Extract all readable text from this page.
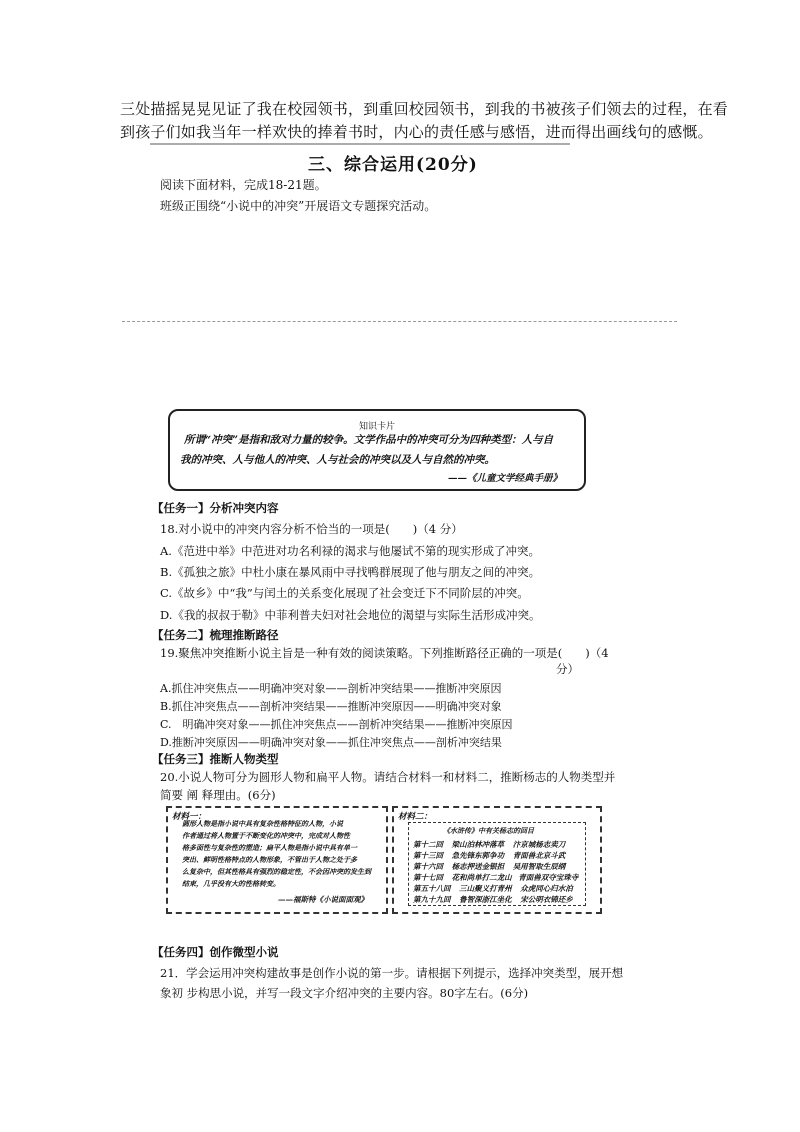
三处描摇晃晃见证了我在校园领书，到重回校园领书，到我的书被孩子们领去的过程，在看
到孩子们如我当年一样欢快的捧着书时，内心的责任感与感悟，进而得出画线句的感慨。
三、综合运用(20分)
阅读下面材料，完成18-21题。
班级正围绕“小说中的冲突”开展语文专题探究活动。
知识卡片
所谓“冲突”是指和敌对力量的较争。文学作品中的冲突可分为四种类型：人与自
我的冲突、人与他人的冲突、人与社会的冲突以及人与自然的冲突。
——《儿童文学经典手册》
【任务一】分析冲突内容
18.对小说中的冲突内容分析不恰当的一项是(　　)（4 分）
A.《范进中举》中范进对功名利禄的渴求与他屡试不第的现实形成了冲突。
B.《孤独之旅》中杜小康在暴风雨中寻找鸭群展现了他与朋友之间的冲突。
C.《故乡》中“我”与闰土的关系变化展现了社会变迁下不同阶层的冲突。
D.《我的叔叔于勒》中菲利普夫妇对社会地位的渴望与实际生活形成冲突。
【任务二】梳理推断路径
19.聚焦冲突推断小说主旨是一种有效的阅读策略。下列推断路径正确的一项是(　　)（4
分）
A.抓住冲突焦点——明确冲突对象——剖析冲突结果——推断冲突原因
B.抓住冲突焦点——剖析冲突结果——推断冲突原因——明确冲突对象
C.　明确冲突对象——抓住冲突焦点——剖析冲突结果——推断冲突原因
D.推断冲突原因——明确冲突对象——抓住冲突焦点——剖析冲突结果
【任务三】推断人物类型
20.小说人物可分为圆形人物和扁平人物。请结合材料一和材料二，推断杨志的人物类型并
简要 阐 释理由。(6分)
材料一：
圆形人物是指小说中具有复杂性格特征的人物，小说
作者通过将人物置于不断变化的冲突中，完成对人物性
格多面性与复杂性的塑造；扁平人物是指小说中具有单一
突出、鲜明性格特点的人物形象，不管出于人物之处于多
么复杂中，但其性格具有强烈的稳定性，不会因冲突的发生到
结束，几乎没有大的性格转变。
——福斯特《小说面面观》
材料二：
《水浒传》中有关杨志的回目
第十二回 梁山泊林冲落草 汴京城杨志卖刀
第十三回 急先锋东郭争功 青面兽北京斗武
第十六回 杨志押送金银担 吴用智取生辰纲
第十七回 花和尚单打二龙山 青面兽双夺宝珠寺
第五十八回 三山聚义打青州 众虎同心归水泊
第九十九回 鲁智深浙江坐化 宋公明衣锦还乡
【任务四】创作微型小说
21．学会运用冲突构建故事是创作小说的第一步。请根据下列提示，选择冲突类型，展开想
象初 步构思小说，并写一段文字介绍冲突的主要内容。80字左右。(6分)
